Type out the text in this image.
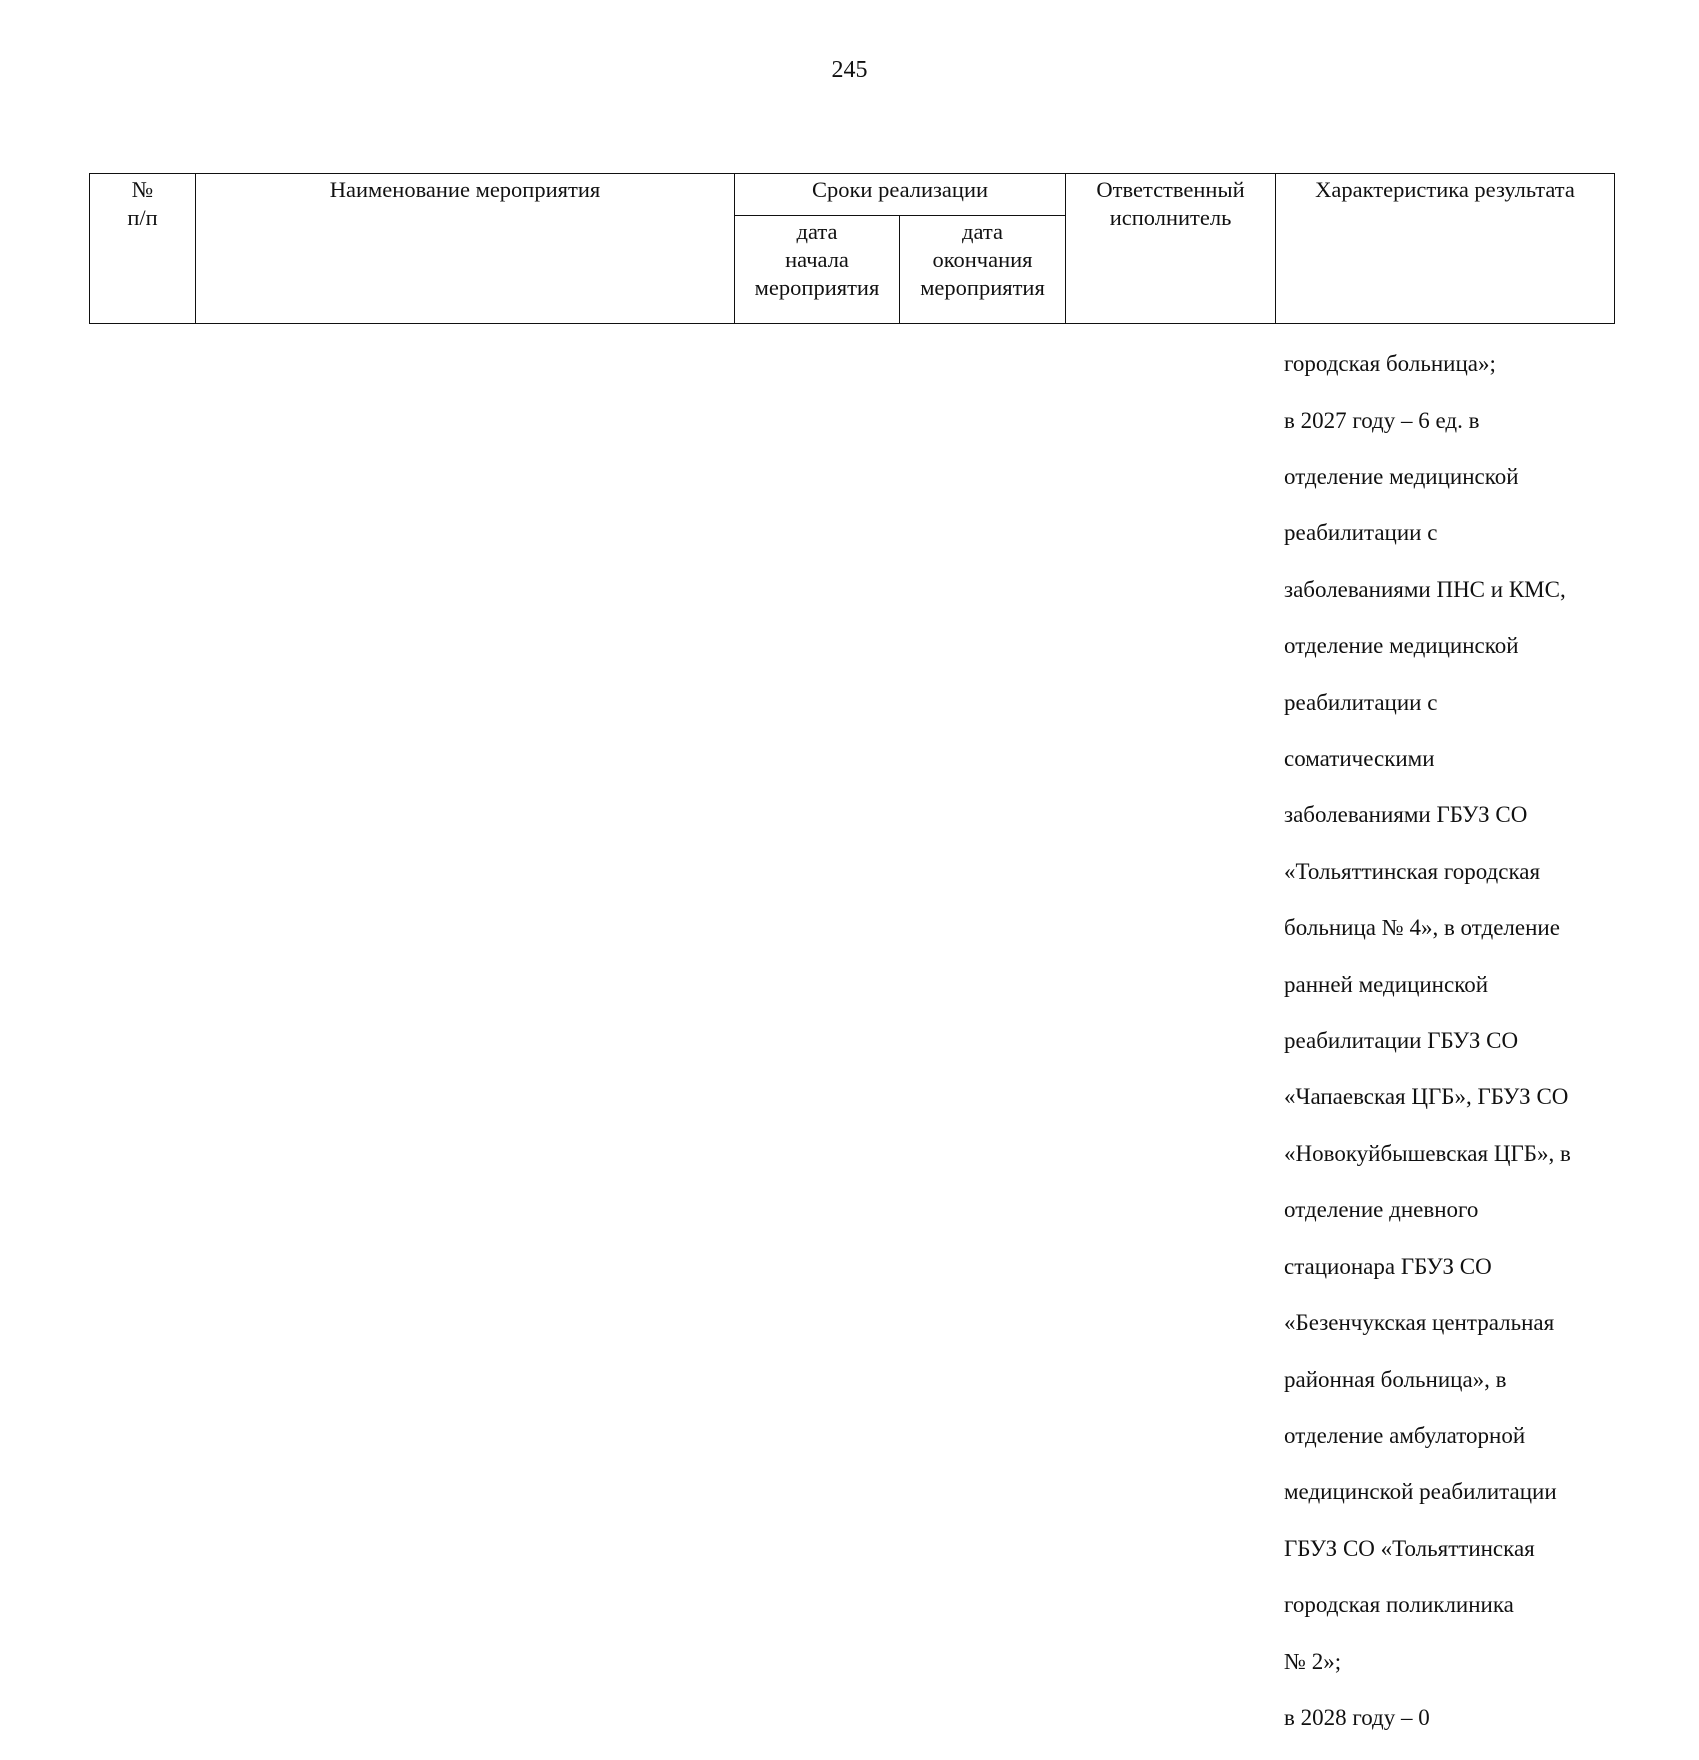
245
№
п/п	Наименование мероприятия	Сроки реализации		Ответственный
исполнитель	Характеристика результата
		дата
начала
мероприятия	дата
окончания
мероприятия		

городская больница»;

в 2027 году – 6 ед. в

отделение медицинской

реабилитации с

заболеваниями ПНС и КМС,

отделение медицинской

реабилитации с

соматическими

заболеваниями ГБУЗ СО

«Тольяттинская городская

больница № 4», в отделение

ранней медицинской

реабилитации ГБУЗ СО

«Чапаевская ЦГБ», ГБУЗ СО

«Новокуйбышевская ЦГБ», в

отделение дневного

стационара ГБУЗ СО

«Безенчукская центральная

районная больница», в

отделение амбулаторной

медицинской реабилитации

ГБУЗ СО «Тольяттинская

городская поликлиника

№ 2»;

в 2028 году – 0
